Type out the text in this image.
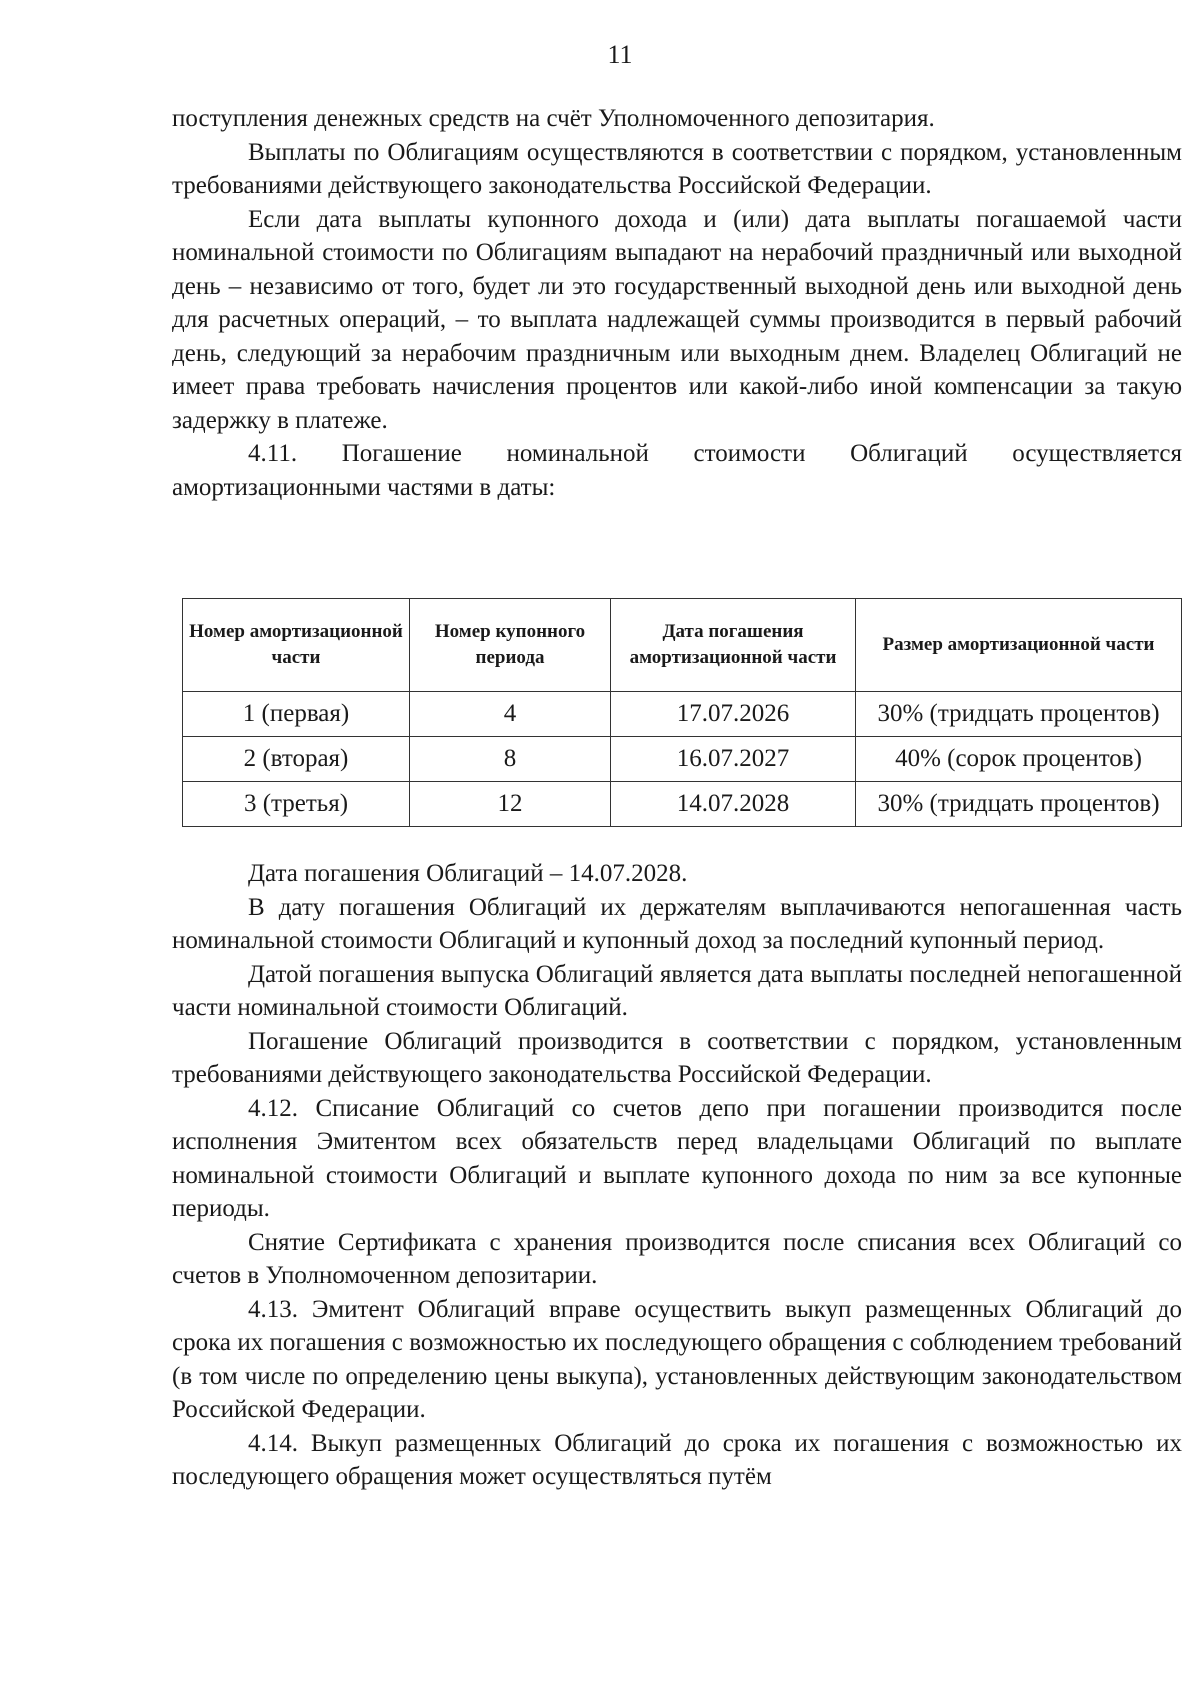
11

поступления денежных средств на счёт Уполномоченного депозитария.

Выплаты по Облигациям осуществляются в соответствии с порядком, установленным требованиями действующего законодательства Российской Федерации.

Если дата выплаты купонного дохода и (или) дата выплаты погашаемой части номинальной стоимости по Облигациям выпадают на нерабочий праздничный или выходной день – независимо от того, будет ли это государственный выходной день или выходной день для расчетных операций, – то выплата надлежащей суммы производится в первый рабочий день, следующий за нерабочим праздничным или выходным днем. Владелец Облигаций не имеет права требовать начисления процентов или какой-либо иной компенсации за такую задержку в платеже.

4.11. Погашение номинальной стоимости Облигаций осуществляется амортизационными частями в даты:

Номер амортизационной части	Номер купонного периода	Дата погашения амортизационной части	Размер амортизационной части
1 (первая)	4	17.07.2026	30% (тридцать процентов)
2 (вторая)	8	16.07.2027	40% (сорок процентов)
3 (третья)	12	14.07.2028	30% (тридцать процентов)

Дата погашения Облигаций – 14.07.2028.

В дату погашения Облигаций их держателям выплачиваются непогашенная часть номинальной стоимости Облигаций и купонный доход за последний купонный период.

Датой погашения выпуска Облигаций является дата выплаты последней непогашенной части номинальной стоимости Облигаций.

Погашение Облигаций производится в соответствии с порядком, установленным требованиями действующего законодательства Российской Федерации.

4.12. Списание Облигаций со счетов депо при погашении производится после исполнения Эмитентом всех обязательств перед владельцами Облигаций по выплате номинальной стоимости Облигаций и выплате купонного дохода по ним за все купонные периоды.

Снятие Сертификата с хранения производится после списания всех Облигаций со счетов в Уполномоченном депозитарии.

4.13. Эмитент Облигаций вправе осуществить выкуп размещенных Облигаций до срока их погашения с возможностью их последующего обращения с соблюдением требований (в том числе по определению цены выкупа), установленных действующим законодательством Российской Федерации.

4.14. Выкуп размещенных Облигаций до срока их погашения с возможностью их последующего обращения может осуществляться путём
